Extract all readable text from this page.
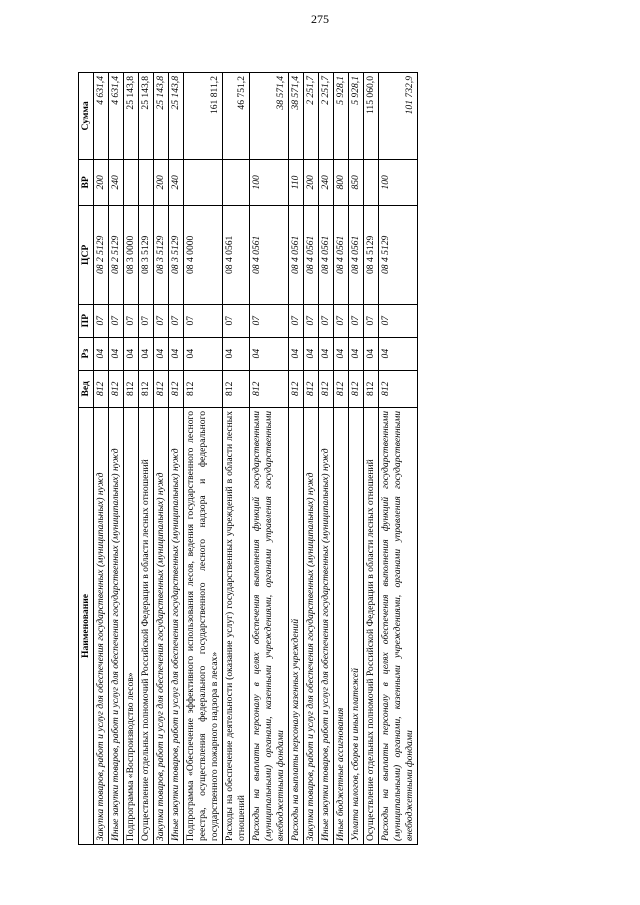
275
Наименование	Вед	Рз	ПР	ЦСР	ВР	Сумма
Закупка товаров, работ и услуг для обеспечения государственных (муниципальных) нужд	812	04	07	08 2 5129	200	4 631,4
Иные закупки товаров, работ и услуг для обеспечения государственных (муниципальных) нужд	812	04	07	08 2 5129	240	4 631,4
Подпрограмма «Воспроизводство лесов»	812	04	07	08 3 0000		25 143,8
Осуществление отдельных полномочий Российской Федерации в области лесных отношений	812	04	07	08 3 5129		25 143,8
Закупка товаров, работ и услуг для обеспечения государственных (муниципальных) нужд	812	04	07	08 3 5129	200	25 143,8
Иные закупки товаров, работ и услуг для обеспечения государственных (муниципальных) нужд	812	04	07	08 3 5129	240	25 143,8
Подпрограмма «Обеспечение эффективного использования лесов, ведения государственного лесного реестра, осуществления федерального государственного лесного надзора и федерального государственного пожарного надзора в лесах»	812	04	07	08 4 0000		161 811,2
Расходы на обеспечение деятельности (оказание услуг) государственных учреждений в области лесных отношений	812	04	07	08 4 0561		46 751,2
Расходы на выплаты персоналу в целях обеспечения выполнения функций государственными (муниципальными) органами, казенными учреждениями, органами управления государственными внебюджетными фондами	812	04	07	08 4 0561	100	38 571,4
Расходы на выплаты персоналу казенных учреждений	812	04	07	08 4 0561	110	38 571,4
Закупка товаров, работ и услуг для обеспечения государственных (муниципальных) нужд	812	04	07	08 4 0561	200	2 251,7
Иные закупки товаров, работ и услуг для обеспечения государственных (муниципальных) нужд	812	04	07	08 4 0561	240	2 251,7
Иные бюджетные ассигнования	812	04	07	08 4 0561	800	5 928,1
Уплата налогов, сборов и иных платежей	812	04	07	08 4 0561	850	5 928,1
Осуществление отдельных полномочий Российской Федерации в области лесных отношений	812	04	07	08 4 5129		115 060,0
Расходы на выплаты персоналу в целях обеспечения выполнения функций государственными (муниципальными) органами, казенными учреждениями, органами управления государственными внебюджетными фондами	812	04	07	08 4 5129	100	101 732,9
